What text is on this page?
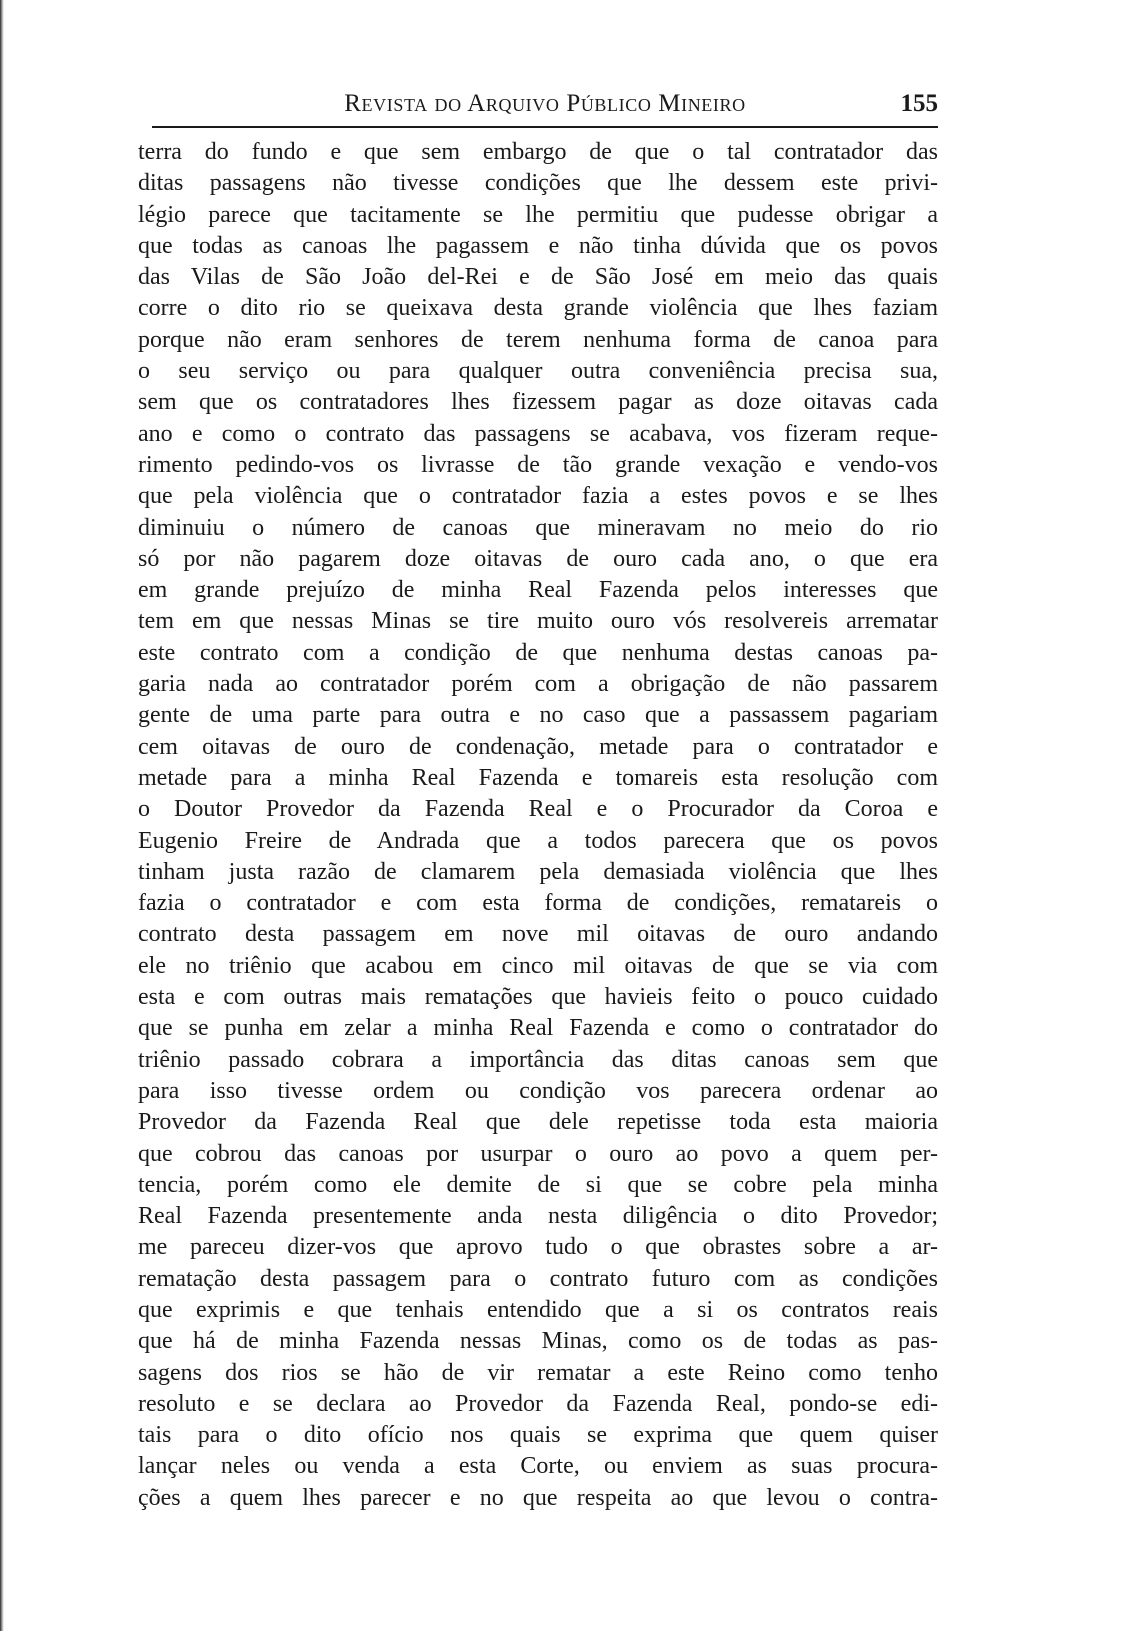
Revista do Arquivo Público Mineiro	155
terra do fundo e que sem embargo de que o tal contratador das
ditas passagens não tivesse condições que lhe dessem este privi-
légio parece que tacitamente se lhe permitiu que pudesse obrigar a
que todas as canoas lhe pagassem e não tinha dúvida que os povos
das Vilas de São João del-Rei e de São José em meio das quais
corre o dito rio se queixava desta grande violência que lhes faziam
porque não eram senhores de terem nenhuma forma de canoa para
o seu serviço ou para qualquer outra conveniência precisa sua,
sem que os contratadores lhes fizessem pagar as doze oitavas cada
ano e como o contrato das passagens se acabava, vos fizeram reque-
rimento pedindo-vos os livrasse de tão grande vexação e vendo-vos
que pela violência que o contratador fazia a estes povos e se lhes
diminuiu o número de canoas que mineravam no meio do rio
só por não pagarem doze oitavas de ouro cada ano, o que era
em grande prejuízo de minha Real Fazenda pelos interesses que
tem em que nessas Minas se tire muito ouro vós resolvereis arrematar
este contrato com a condição de que nenhuma destas canoas pa-
garia nada ao contratador porém com a obrigação de não passarem
gente de uma parte para outra e no caso que a passassem pagariam
cem oitavas de ouro de condenação, metade para o contratador e
metade para a minha Real Fazenda e tomareis esta resolução com
o Doutor Provedor da Fazenda Real e o Procurador da Coroa e
Eugenio Freire de Andrada que a todos parecera que os povos
tinham justa razão de clamarem pela demasiada violência que lhes
fazia o contratador e com esta forma de condições, rematareis o
contrato desta passagem em nove mil oitavas de ouro andando
ele no triênio que acabou em cinco mil oitavas de que se via com
esta e com outras mais rematações que havieis feito o pouco cuidado
que se punha em zelar a minha Real Fazenda e como o contratador do
triênio passado cobrara a importância das ditas canoas sem que
para isso tivesse ordem ou condição vos parecera ordenar ao
Provedor da Fazenda Real que dele repetisse toda esta maioria
que cobrou das canoas por usurpar o ouro ao povo a quem per-
tencia, porém como ele demite de si que se cobre pela minha
Real Fazenda presentemente anda nesta diligência o dito Provedor;
me pareceu dizer-vos que aprovo tudo o que obrastes sobre a ar-
rematação desta passagem para o contrato futuro com as condições
que exprimis e que tenhais entendido que a si os contratos reais
que há de minha Fazenda nessas Minas, como os de todas as pas-
sagens dos rios se hão de vir rematar a este Reino como tenho
resoluto e se declara ao Provedor da Fazenda Real, pondo-se edi-
tais para o dito ofício nos quais se exprima que quem quiser
lançar neles ou venda a esta Corte, ou enviem as suas procura-
ções a quem lhes parecer e no que respeita ao que levou o contra-
